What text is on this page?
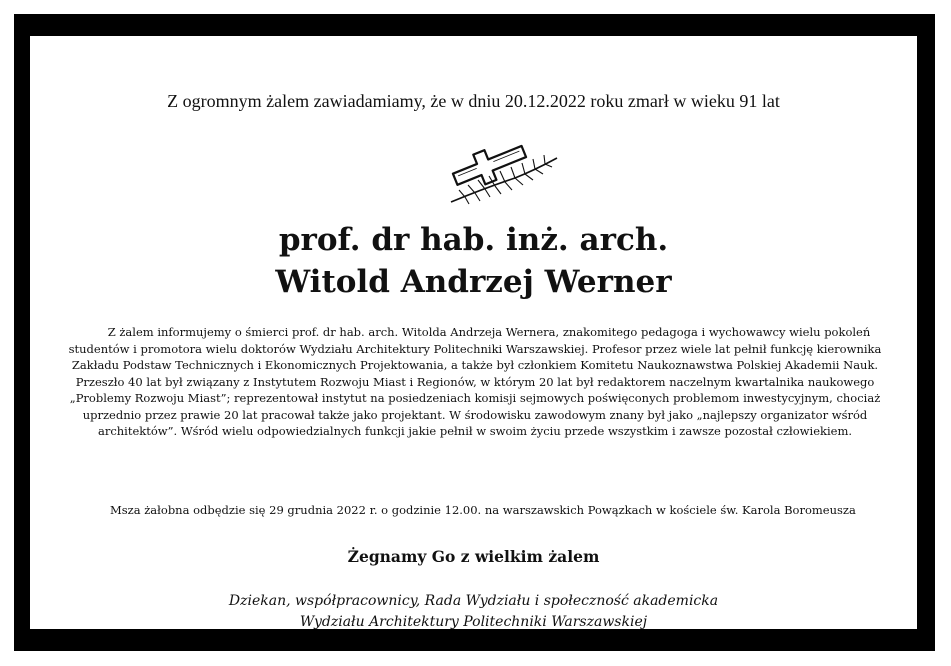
Z ogromnym żalem zawiadamiamy, że w dniu 20.12.2022 roku zmarł w wieku 91 lat
prof. dr hab. inż. arch.
Witold Andrzej Werner
Z żalem informujemy o śmierci prof. dr hab. arch. Witolda Andrzeja Wernera, znakomitego pedagoga i wychowawcy wielu pokoleń studentów i promotora wielu doktorów Wydziału Architektury Politechniki Warszawskiej. Profesor przez wiele lat pełnił funkcję kierownika Zakładu Podstaw Technicznych i Ekonomicznych Projektowania, a także był członkiem Komitetu Naukoznawstwa Polskiej Akademii Nauk. Przeszło 40 lat był związany z Instytutem Rozwoju Miast i Regionów, w którym 20 lat był redaktorem naczelnym kwartalnika naukowego „Problemy Rozwoju Miast”; reprezentował instytut na posiedzeniach komisji sejmowych poświęconych problemom inwestycyjnym, chociaż uprzednio przez prawie 20 lat pracował także jako projektant. W środowisku zawodowym znany był jako „najlepszy organizator wśród architektów”. Wśród wielu odpowiedzialnych funkcji jakie pełnił w swoim życiu przede wszystkim i zawsze pozostał człowiekiem.
Msza żałobna odbędzie się 29 grudnia 2022 r. o godzinie 12.00. na warszawskich Powązkach w kościele św. Karola Boromeusza
Żegnamy Go z wielkim żalem
Dziekan, współpracownicy, Rada Wydziału i społeczność akademicka
Wydziału Architektury Politechniki Warszawskiej
